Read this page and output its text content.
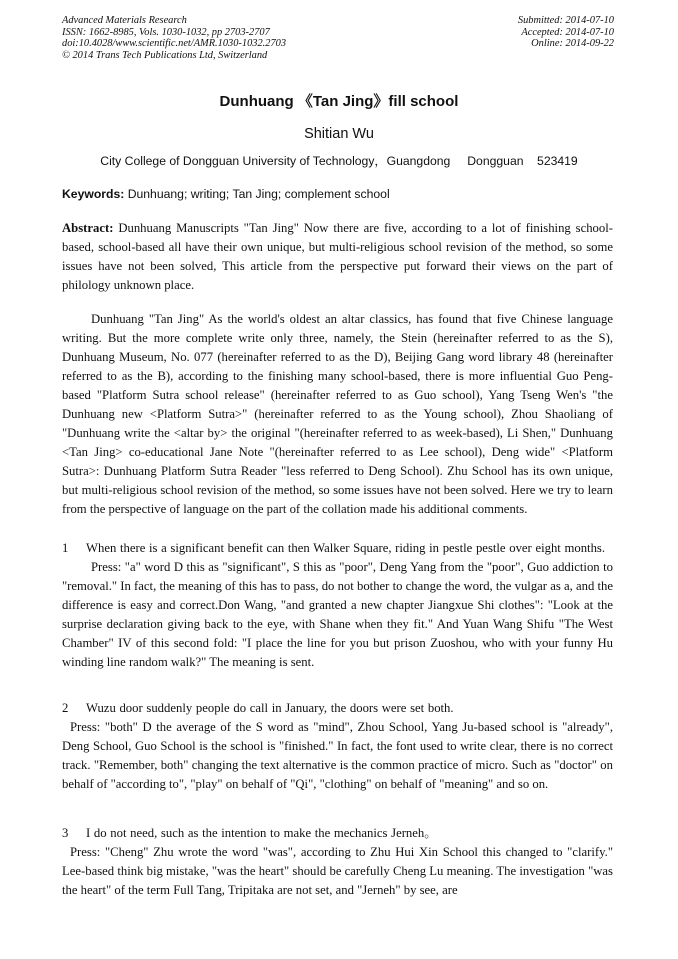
Advanced Materials Research
ISSN: 1662-8985, Vols. 1030-1032, pp 2703-2707
doi:10.4028/www.scientific.net/AMR.1030-1032.2703
© 2014 Trans Tech Publications Ltd, Switzerland
Submitted: 2014-07-10
Accepted: 2014-07-10
Online: 2014-09-22
Dunhuang 《Tan Jing》fill school
Shitian Wu
City College of Dongguan University of Technology，Guangdong     Dongguan    523419
Keywords: Dunhuang; writing; Tan Jing; complement school
Abstract: Dunhuang Manuscripts "Tan Jing" Now there are five, according to a lot of finishing school-based, school-based all have their own unique, but multi-religious school revision of the method, so some issues have not been solved, This article from the perspective put forward their views on the part of philology unknown place.
Dunhuang "Tan Jing" As the world's oldest an altar classics, has found that five Chinese language writing. But the more complete write only three, namely, the Stein (hereinafter referred to as the S), Dunhuang Museum, No. 077 (hereinafter referred to as the D), Beijing Gang word library 48 (hereinafter referred to as the B), according to the finishing many school-based, there is more influential Guo Peng-based "Platform Sutra school release" (hereinafter referred to as Guo school), Yang Tseng Wen's "the Dunhuang new <Platform Sutra>" (hereinafter referred to as the Young school), Zhou Shaoliang of "Dunhuang write the <altar by> the original "(hereinafter referred to as week-based), Li Shen," Dunhuang <Tan Jing> co-educational Jane Note "(hereinafter referred to as Lee school), Deng wide" <Platform Sutra>: Dunhuang Platform Sutra Reader "less referred to Deng School). Zhu School has its own unique, but multi-religious school revision of the method, so some issues have not been solved. Here we try to learn from the perspective of language on the part of the collation made his additional comments.
1 When there is a significant benefit can then Walker Square, riding in pestle pestle over eight months.
Press: "a" word D this as "significant", S this as "poor", Deng Yang from the "poor", Guo addiction to "removal." In fact, the meaning of this has to pass, do not bother to change the word, the vulgar as a, and the difference is easy and correct.Don Wang, "and granted a new chapter Jiangxue Shi clothes": "Look at the surprise declaration giving back to the eye, with Shane when they fit." And Yuan Wang Shifu "The West Chamber" IV of this second fold: "I place the line for you but prison Zuoshou, who with your funny Hu winding line random walk?" The meaning is sent.
2 Wuzu door suddenly people do call in January, the doors were set both.
Press: "both" D the average of the S word as "mind", Zhou School, Yang Ju-based school is "already", Deng School, Guo School is the school is "finished." In fact, the font used to write clear, there is no correct track. "Remember, both" changing the text alternative is the common practice of micro. Such as "doctor" on behalf of "according to", "play" on behalf of "Qi", "clothing" on behalf of "meaning" and so on.
3 I do not need, such as the intention to make the mechanics Jerneh。
Press: "Cheng" Zhu wrote the word "was", according to Zhu Hui Xin School this changed to "clarify." Lee-based think big mistake, "was the heart" should be carefully Cheng Lu meaning. The investigation "was the heart" of the term Full Tang, Tripitaka are not set, and "Jerneh" by see, are
